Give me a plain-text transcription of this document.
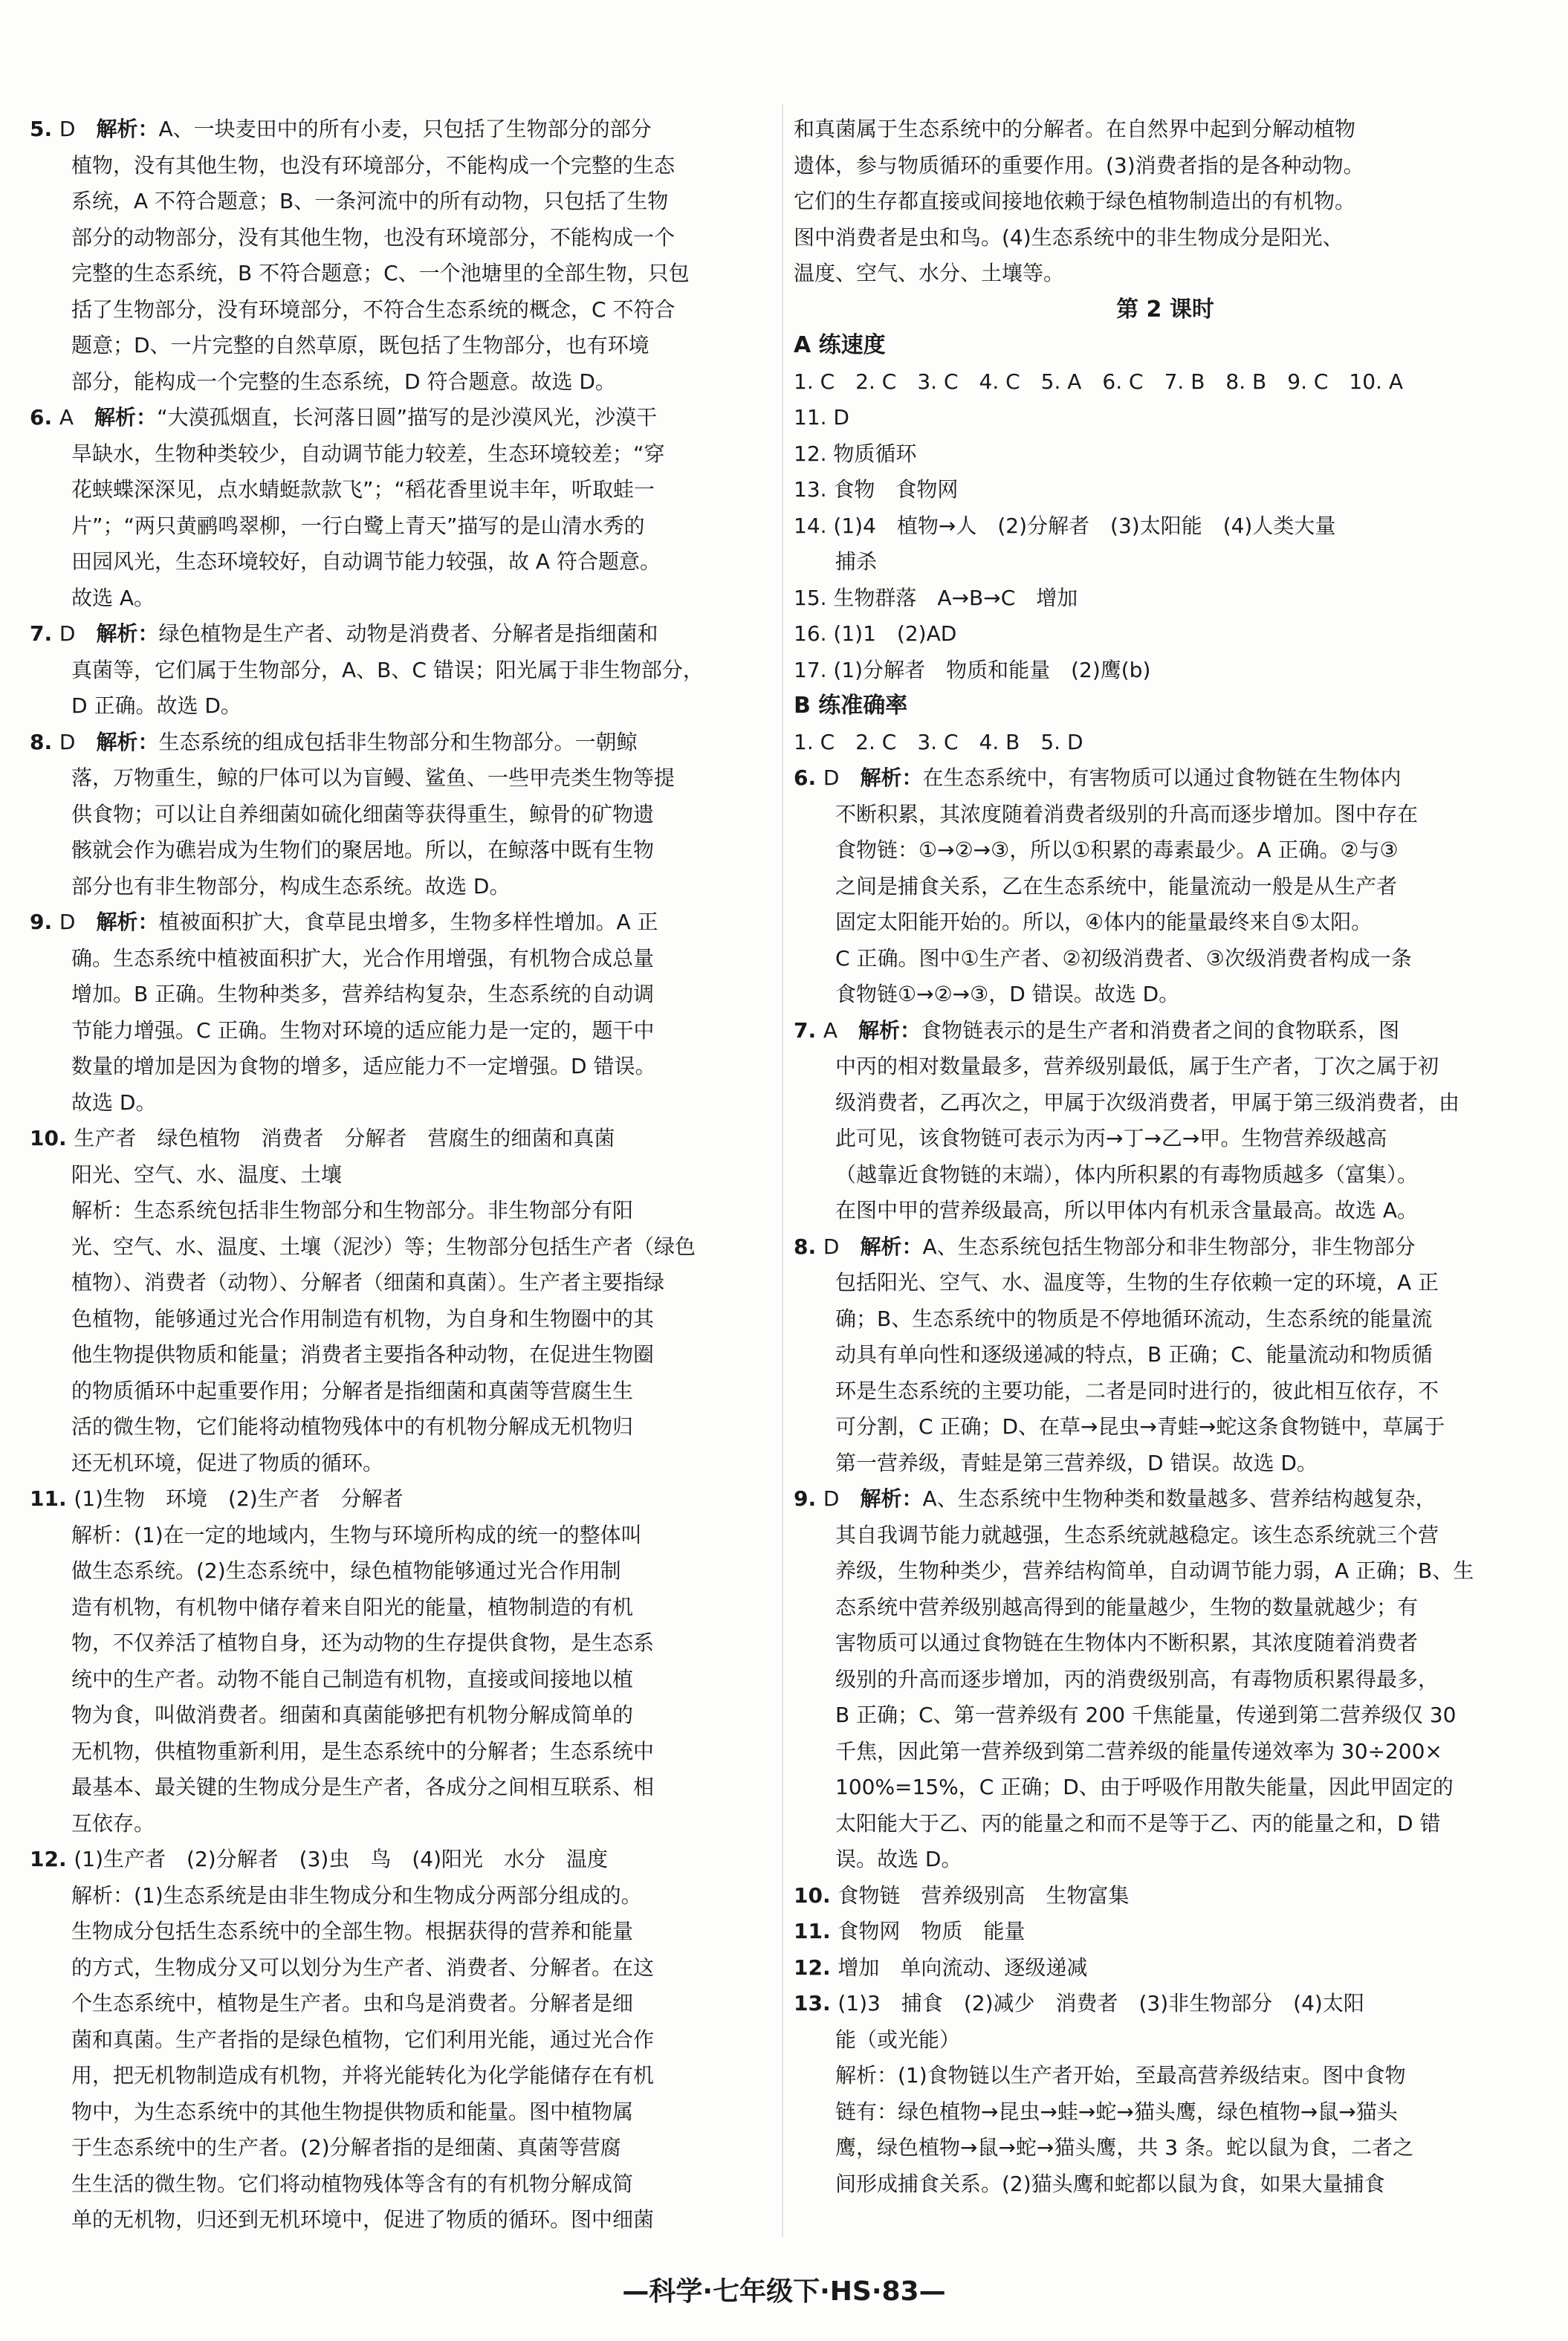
5. D　 解析：A、一块麦田中的所有小麦，只包括了生物部分的部分
植物，没有其他生物，也没有环境部分，不能构成一个完整的生态
系统，A 不符合题意；B、一条河流中的所有动物，只包括了生物
部分的动物部分，没有其他生物，也没有环境部分，不能构成一个
完整的生态系统，B 不符合题意；C、一个池塘里的全部生物，只包
括了生物部分，没有环境部分，不符合生态系统的概念，C 不符合
题意；D、一片完整的自然草原，既包括了生物部分，也有环境
部分，能构成一个完整的生态系统，D 符合题意。故选 D。
6. A　 解析：“大漠孤烟直，长河落日圆”描写的是沙漠风光，沙漠干
旱缺水，生物种类较少，自动调节能力较差，生态环境较差；“穿
花蛱蝶深深见，点水蜻蜓款款飞”；“稻花香里说丰年，听取蛙一
片”；“两只黄鹂鸣翠柳，一行白鹭上青天”描写的是山清水秀的
田园风光，生态环境较好，自动调节能力较强，故 A 符合题意。
故选 A。
7. D　 解析：绿色植物是生产者、动物是消费者、分解者是指细菌和
真菌等，它们属于生物部分，A、B、C 错误；阳光属于非生物部分，
D 正确。故选 D。
8. D　 解析：生态系统的组成包括非生物部分和生物部分。一朝鲸
落，万物重生，鲸的尸体可以为盲鳗、鲨鱼、一些甲壳类生物等提
供食物；可以让自养细菌如硫化细菌等获得重生，鲸骨的矿物遗
骸就会作为礁岩成为生物们的聚居地。所以，在鲸落中既有生物
部分也有非生物部分，构成生态系统。故选 D。
9. D　 解析：植被面积扩大，食草昆虫增多，生物多样性增加。A 正
确。生态系统中植被面积扩大，光合作用增强，有机物合成总量
增加。B 正确。生物种类多，营养结构复杂，生态系统的自动调
节能力增强。C 正确。生物对环境的适应能力是一定的，题干中
数量的增加是因为食物的增多，适应能力不一定增强。D 错误。
故选 D。
10. 生产者　绿色植物　消费者　分解者　营腐生的细菌和真菌
阳光、空气、水、温度、土壤
解析：生态系统包括非生物部分和生物部分。非生物部分有阳
光、空气、水、温度、土壤（泥沙）等；生物部分包括生产者（绿色
植物）、消费者（动物）、分解者（细菌和真菌）。生产者主要指绿
色植物，能够通过光合作用制造有机物，为自身和生物圈中的其
他生物提供物质和能量；消费者主要指各种动物，在促进生物圈
的物质循环中起重要作用；分解者是指细菌和真菌等营腐生生
活的微生物，它们能将动植物残体中的有机物分解成无机物归
还无机环境，促进了物质的循环。
11. (1)生物　环境　(2)生产者　分解者
解析：(1)在一定的地域内，生物与环境所构成的统一的整体叫
做生态系统。(2)生态系统中，绿色植物能够通过光合作用制
造有机物，有机物中储存着来自阳光的能量，植物制造的有机
物，不仅养活了植物自身，还为动物的生存提供食物，是生态系
统中的生产者。动物不能自己制造有机物，直接或间接地以植
物为食，叫做消费者。细菌和真菌能够把有机物分解成简单的
无机物，供植物重新利用，是生态系统中的分解者；生态系统中
最基本、最关键的生物成分是生产者，各成分之间相互联系、相
互依存。
12. (1)生产者　(2)分解者　(3)虫　鸟　(4)阳光　水分　温度
解析：(1)生态系统是由非生物成分和生物成分两部分组成的。
生物成分包括生态系统中的全部生物。根据获得的营养和能量
的方式，生物成分又可以划分为生产者、消费者、分解者。在这
个生态系统中，植物是生产者。虫和鸟是消费者。分解者是细
菌和真菌。生产者指的是绿色植物，它们利用光能，通过光合作
用，把无机物制造成有机物，并将光能转化为化学能储存在有机
物中，为生态系统中的其他生物提供物质和能量。图中植物属
于生态系统中的生产者。(2)分解者指的是细菌、真菌等营腐
生生活的微生物。它们将动植物残体等含有的有机物分解成简
单的无机物，归还到无机环境中，促进了物质的循环。图中细菌
和真菌属于生态系统中的分解者。在自然界中起到分解动植物
遗体，参与物质循环的重要作用。(3)消费者指的是各种动物。
它们的生存都直接或间接地依赖于绿色植物制造出的有机物。
图中消费者是虫和鸟。(4)生态系统中的非生物成分是阳光、
温度、空气、水分、土壤等。
第 2 课时
A 练速度
1. C　2. C　3. C　4. C　5. A　6. C　7. B　8. B　9. C　10. A
11. D
12. 物质循环
13. 食物　食物网
14. (1)4　植物→人　(2)分解者　(3)太阳能　(4)人类大量
　　捕杀
15. 生物群落　A→B→C　增加
16. (1)1　(2)AD
17. (1)分解者　物质和能量　(2)鹰(b)
B 练准确率
1. C　2. C　3. C　4. B　5. D
6. D　 解析：在生态系统中，有害物质可以通过食物链在生物体内
不断积累，其浓度随着消费者级别的升高而逐步增加。图中存在
食物链：①→②→③，所以①积累的毒素最少。A 正确。②与③
之间是捕食关系，乙在生态系统中，能量流动一般是从生产者
固定太阳能开始的。所以，④体内的能量最终来自⑤太阳。
C 正确。图中①生产者、②初级消费者、③次级消费者构成一条
食物链①→②→③，D 错误。故选 D。
7. A　 解析：食物链表示的是生产者和消费者之间的食物联系，图
中丙的相对数量最多，营养级别最低，属于生产者，丁次之属于初
级消费者，乙再次之，甲属于次级消费者，甲属于第三级消费者，由
此可见，该食物链可表示为丙→丁→乙→甲。生物营养级越高
（越靠近食物链的末端），体内所积累的有毒物质越多（富集）。
在图中甲的营养级最高，所以甲体内有机汞含量最高。故选 A。
8. D　 解析：A、生态系统包括生物部分和非生物部分，非生物部分
包括阳光、空气、水、温度等，生物的生存依赖一定的环境，A 正
确；B、生态系统中的物质是不停地循环流动，生态系统的能量流
动具有单向性和逐级递减的特点，B 正确；C、能量流动和物质循
环是生态系统的主要功能，二者是同时进行的，彼此相互依存，不
可分割，C 正确；D、在草→昆虫→青蛙→蛇这条食物链中，草属于
第一营养级，青蛙是第三营养级，D 错误。故选 D。
9. D　 解析：A、生态系统中生物种类和数量越多、营养结构越复杂，
其自我调节能力就越强，生态系统就越稳定。该生态系统就三个营
养级，生物种类少，营养结构简单，自动调节能力弱，A 正确；B、生
态系统中营养级别越高得到的能量越少，生物的数量就越少；有
害物质可以通过食物链在生物体内不断积累，其浓度随着消费者
级别的升高而逐步增加，丙的消费级别高，有毒物质积累得最多，
B 正确；C、第一营养级有 200 千焦能量，传递到第二营养级仅 30
千焦，因此第一营养级到第二营养级的能量传递效率为 30÷200×
100%=15%，C 正确；D、由于呼吸作用散失能量，因此甲固定的
太阳能大于乙、丙的能量之和而不是等于乙、丙的能量之和，D 错
误。故选 D。
10. 食物链　营养级别高　生物富集
11. 食物网　物质　能量
12. 增加　单向流动、逐级递减
13. (1)3　捕食　(2)减少　消费者　(3)非生物部分　(4)太阳
能（或光能）
解析：(1)食物链以生产者开始，至最高营养级结束。图中食物
链有：绿色植物→昆虫→蛙→蛇→猫头鹰，绿色植物→鼠→猫头
鹰，绿色植物→鼠→蛇→猫头鹰，共 3 条。蛇以鼠为食，二者之
间形成捕食关系。(2)猫头鹰和蛇都以鼠为食，如果大量捕食
—科学·七年级下·HS·83—
